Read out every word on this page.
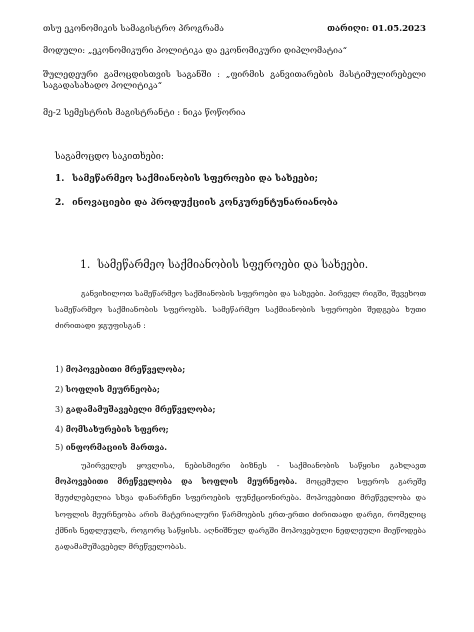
თსუ ეკონომიკის სამაგისტრო პროგრამა	თარიღი: 01.05.2023
მოდული: „ეკონომიკური პოლიტიკა და ეკონომიკური დიპლომატია“
შულედეური გამოცდისთვის საგანში : „ფირმის განვითარების მასტიმულირებელი საგადასახადო პოლიტიკა“
მე-2 სემესტრის მაგისტრანტი : ნიკა წოწორია
საგამოცდო საკითხები:
1. სამეწარმეო საქმიანობის სფეროები და სახეები;
2. ინოვაციები და პროდუქციის კონკურენტუნარიანობა
1. სამეწარმეო საქმიანობის სფეროები და სახეები.
განვიხილოთ სამეწარმეო საქმიანობის სფეროები და სახეები. პირველ რიგში, შევეხოთ სამეწარმეო საქმიანობის სფეროებს. სამეწარმეო საქმიანობის სფეროები შედგება ხუთი ძირითადი ჯგუფისგან :
1) მოპოვებითი მრეწველობა;
2) სოფლის მეურნეობა;
3) გადამამუშავებელი მრეწველობა;
4) მომსახურების სფერო;
5) ინფორმაციის მართვა.
უპირველეს ყოვლისა, ნებისმიერი ბიზნეს - საქმიანობის საწყისი გახლავთ მოპოვებითი მრეწველობა და სოფლის მეურნეობა. მოცემული სფეროს გარეშე შეუძლებელია სხვა დანარჩენი სფეროების ფუნქციონირება. მოპოვებითი მრეწველობა და სოფლის მეურნეობა არის მატერიალური წარმოების ერთ-ერთი ძირითადი დარგი, რომელიც ქმნის ნედლეულს, როგორც საწყისს. აღნიშნულ დარგში მოპოვებული ნედლეული მიეწოდება გადამამუშავებელ მრეწველობას.
